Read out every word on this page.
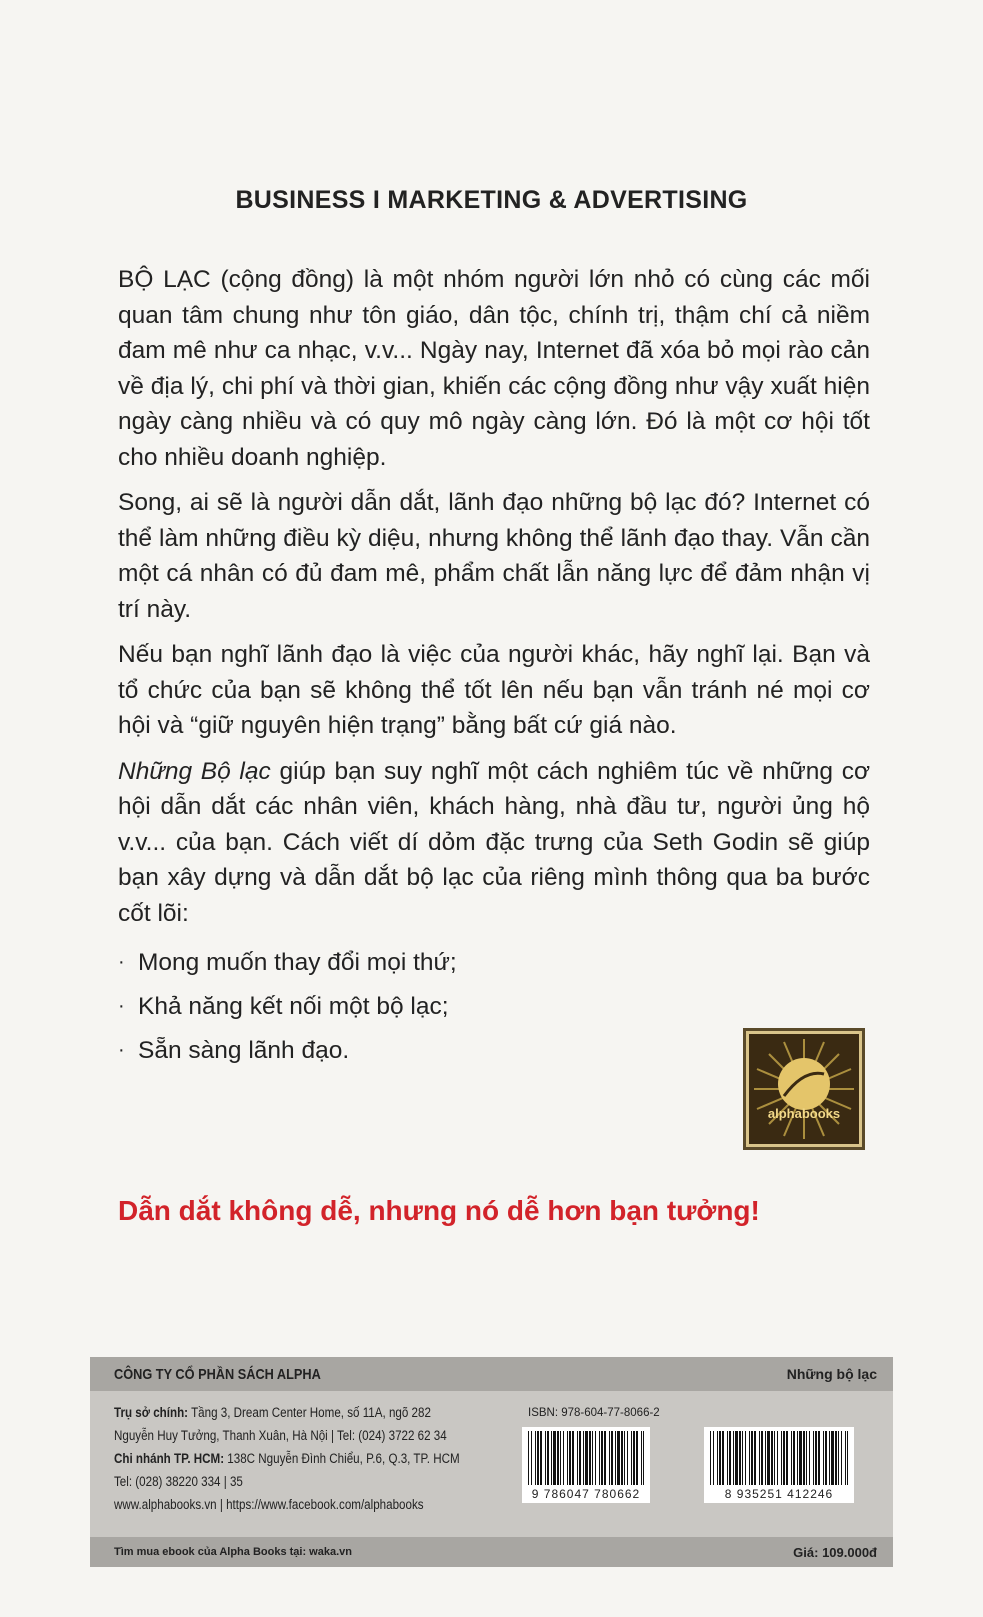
BUSINESS I MARKETING & ADVERTISING

BỘ LẠC (cộng đồng) là một nhóm người lớn nhỏ có cùng các mối quan tâm chung như tôn giáo, dân tộc, chính trị, thậm chí cả niềm đam mê như ca nhạc, v.v... Ngày nay, Internet đã xóa bỏ mọi rào cản về địa lý, chi phí và thời gian, khiến các cộng đồng như vậy xuất hiện ngày càng nhiều và có quy mô ngày càng lớn. Đó là một cơ hội tốt cho nhiều doanh nghiệp.

Song, ai sẽ là người dẫn dắt, lãnh đạo những bộ lạc đó? Internet có thể làm những điều kỳ diệu, nhưng không thể lãnh đạo thay. Vẫn cần một cá nhân có đủ đam mê, phẩm chất lẫn năng lực để đảm nhận vị trí này.

Nếu bạn nghĩ lãnh đạo là việc của người khác, hãy nghĩ lại. Bạn và tổ chức của bạn sẽ không thể tốt lên nếu bạn vẫn tránh né mọi cơ hội và “giữ nguyên hiện trạng” bằng bất cứ giá nào.

Những Bộ lạc giúp bạn suy nghĩ một cách nghiêm túc về những cơ hội dẫn dắt các nhân viên, khách hàng, nhà đầu tư, người ủng hộ v.v... của bạn. Cách viết dí dỏm đặc trưng của Seth Godin sẽ giúp bạn xây dựng và dẫn dắt bộ lạc của riêng mình thông qua ba bước cốt lõi:

· Mong muốn thay đổi mọi thứ;
· Khả năng kết nối một bộ lạc;
· Sẵn sàng lãnh đạo.
alphabooks
Dẫn dắt không dễ, nhưng nó dễ hơn bạn tưởng!
CÔNG TY CỔ PHẦN SÁCH ALPHA	Những bộ lạc
Trụ sở chính: Tầng 3, Dream Center Home, số 11A, ngõ 282
Nguyễn Huy Tưởng, Thanh Xuân, Hà Nội | Tel: (024) 3722 62 34
Chi nhánh TP. HCM: 138C Nguyễn Đình Chiểu, P.6, Q.3, TP. HCM
Tel: (028) 38220 334 | 35
www.alphabooks.vn | https://www.facebook.com/alphabooks
ISBN: 978-604-77-8066-2
9 786047 780662	8 935251 412246
Tìm mua ebook của Alpha Books tại: waka.vn	Giá: 109.000đ
